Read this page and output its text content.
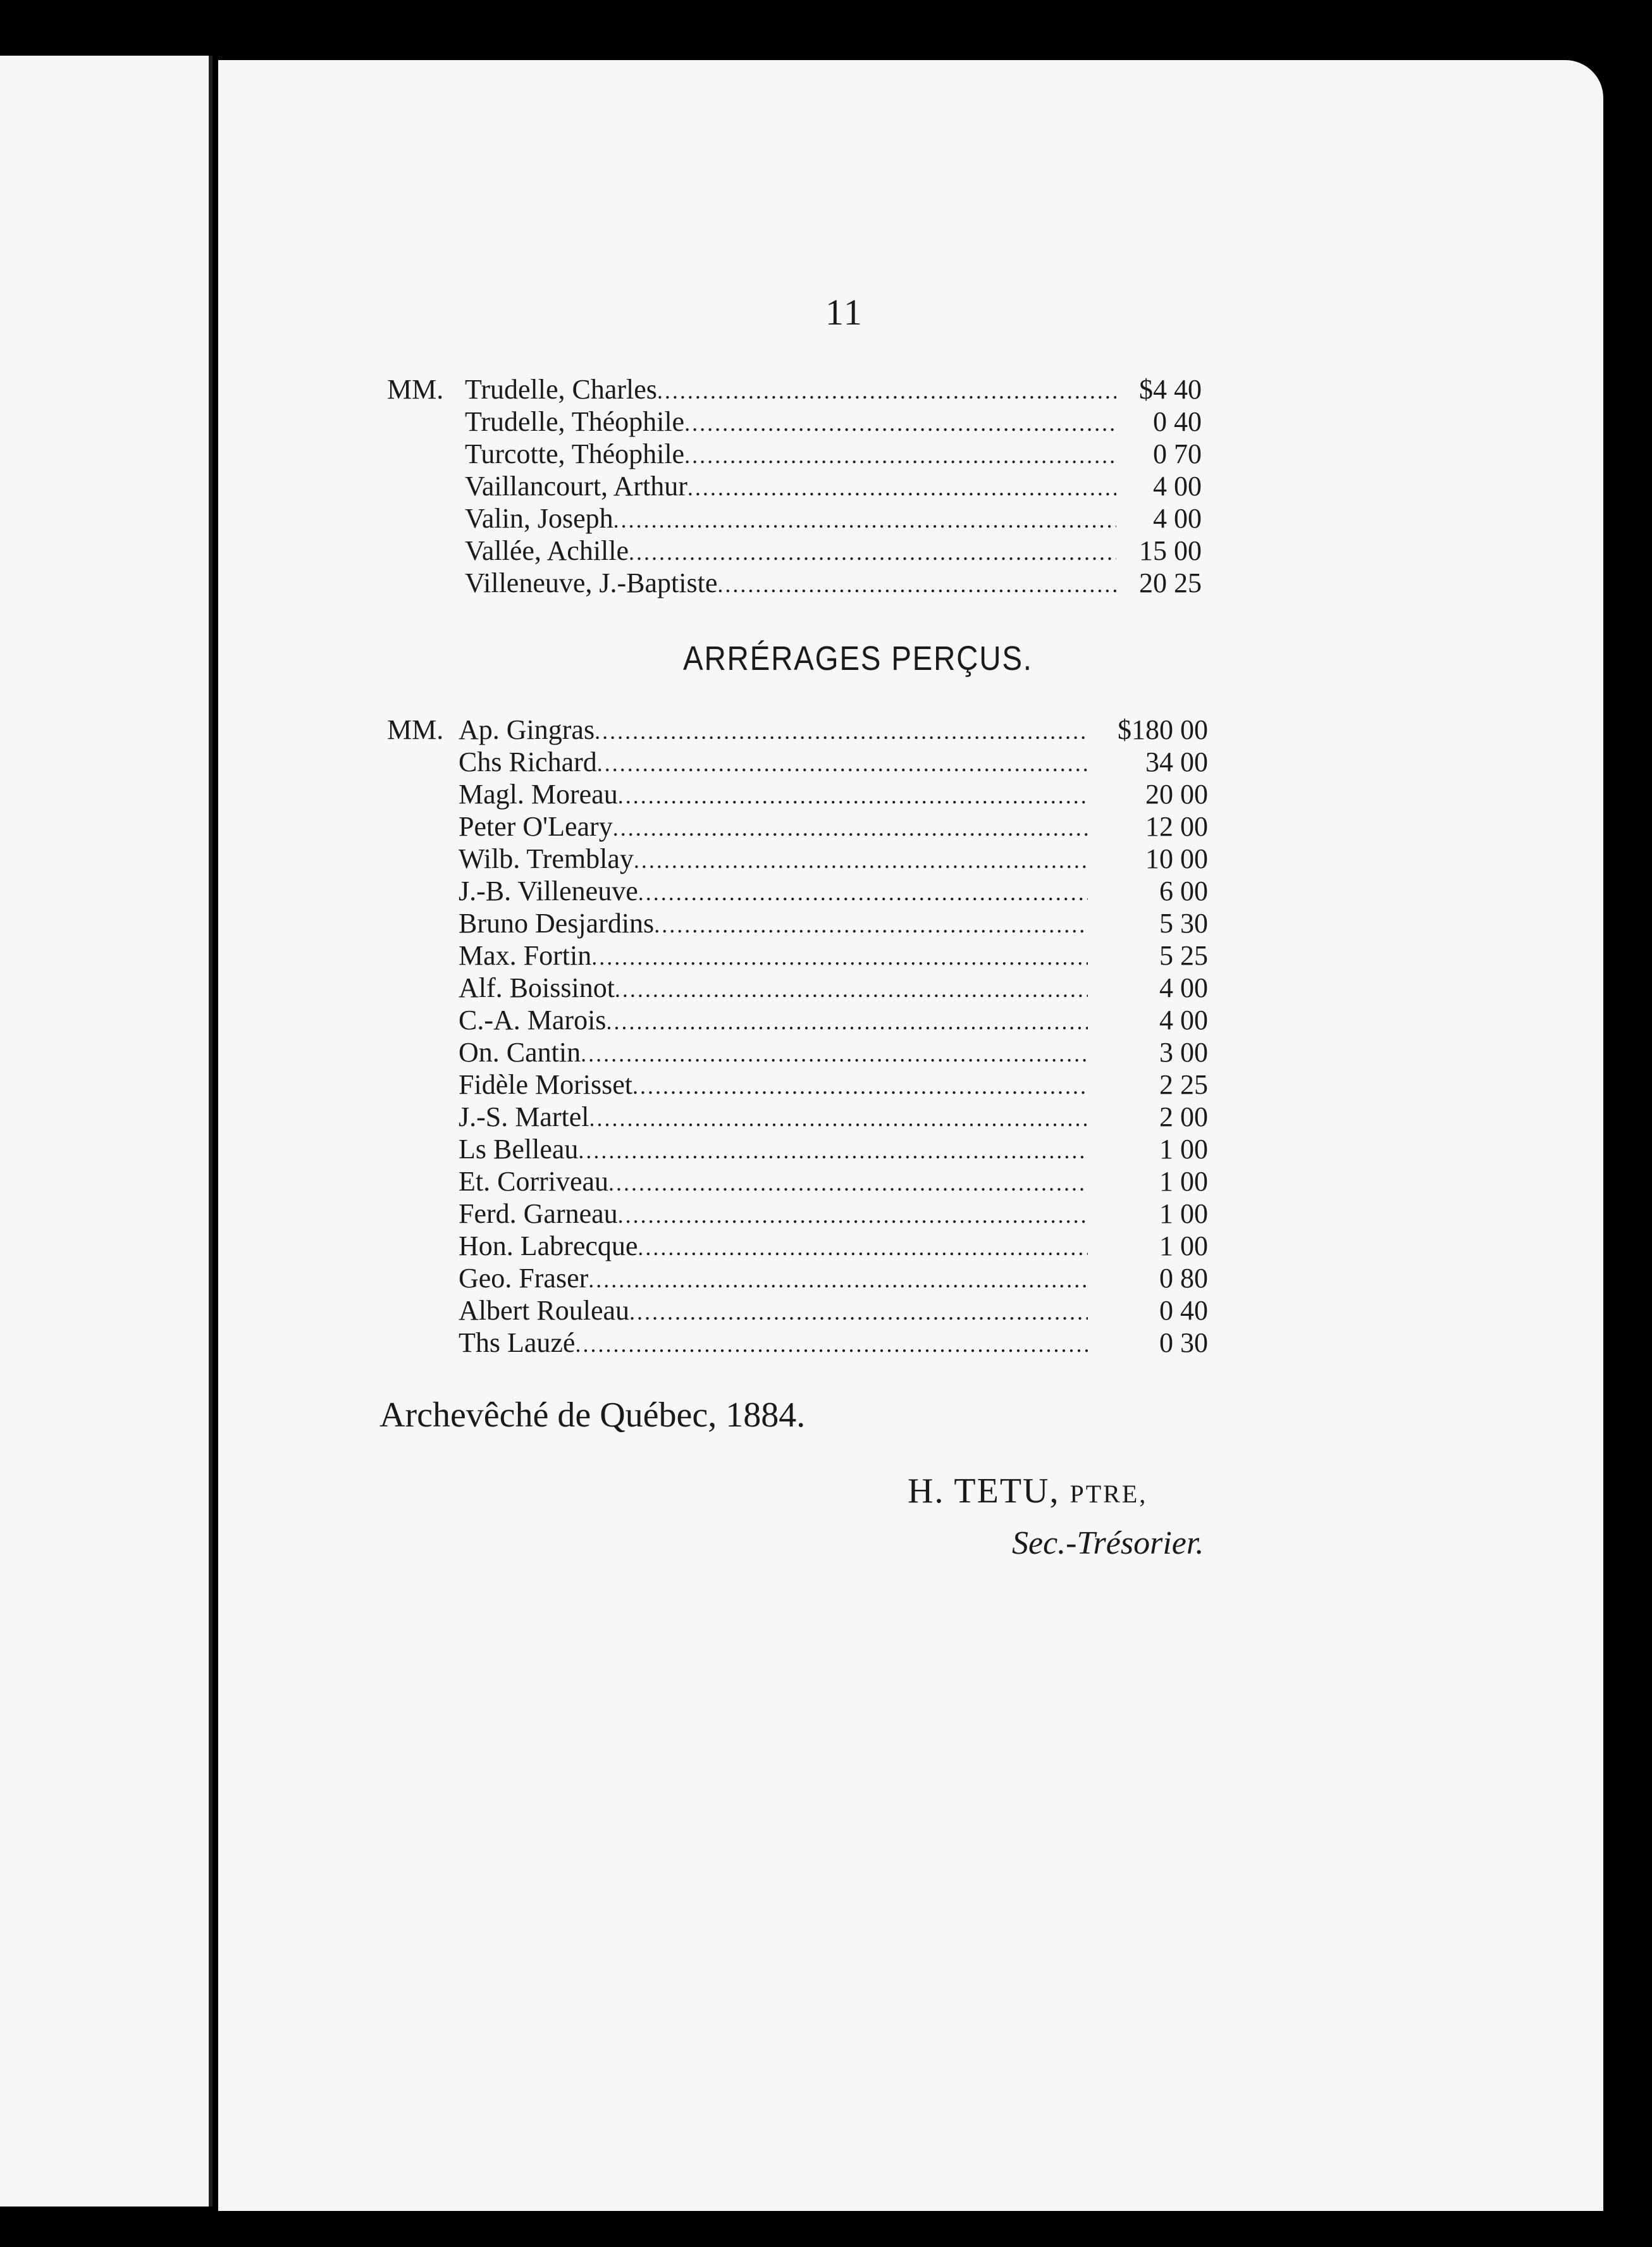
11
MM. Trudelle, Charles .....	$4 40
Trudelle, Théophile .....	0 40
Turcotte, Théophile .....	0 70
Vaillancourt, Arthur .....	4 00
Valin, Joseph .....	4 00
Vallée, Achille .....	15 00
Villeneuve, J.-Baptiste .....	20 25
ARRÉRAGES PERÇUS.
MM. Ap. Gingras .....	$180 00
Chs Richard .....	34 00
Magl. Moreau .....	20 00
Peter O'Leary .....	12 00
Wilb. Tremblay .....	10 00
J.-B. Villeneuve .....	6 00
Bruno Desjardins .....	5 30
Max. Fortin .....	5 25
Alf. Boissinot .....	4 00
C.-A. Marois .....	4 00
On. Cantin .....	3 00
Fidèle Morisset .....	2 25
J.-S. Martel .....	2 00
Ls Belleau .....	1 00
Et. Corriveau .....	1 00
Ferd. Garneau .....	1 00
Hon. Labrecque .....	1 00
Geo. Fraser .....	0 80
Albert Rouleau .....	0 40
Ths Lauzé .....	0 30
Archevêché de Québec, 1884.
H. TETU, PTRE,
Sec.-Trésorier.
